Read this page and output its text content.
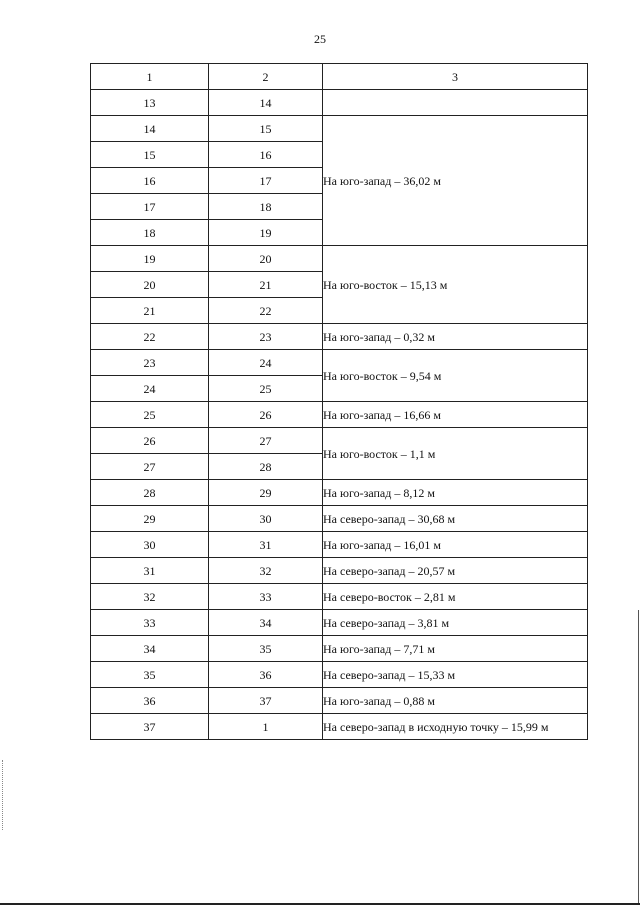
25
1	2	3
13	14	
14	15	На юго-запад – 36,02 м
15	16	
16	17	
17	18	
18	19	
19	20	На юго-восток – 15,13 м
20	21	
21	22	
22	23	На юго-запад – 0,32 м
23	24	На юго-восток – 9,54 м
24	25	
25	26	На юго-запад – 16,66 м
26	27	На юго-восток – 1,1 м
27	28	
28	29	На юго-запад – 8,12 м
29	30	На северо-запад – 30,68 м
30	31	На юго-запад – 16,01 м
31	32	На северо-запад – 20,57 м
32	33	На северо-восток – 2,81 м
33	34	На северо-запад – 3,81 м
34	35	На юго-запад – 7,71 м
35	36	На северо-запад – 15,33 м
36	37	На юго-запад – 0,88 м
37	1	На северо-запад в исходную точку – 15,99 м
